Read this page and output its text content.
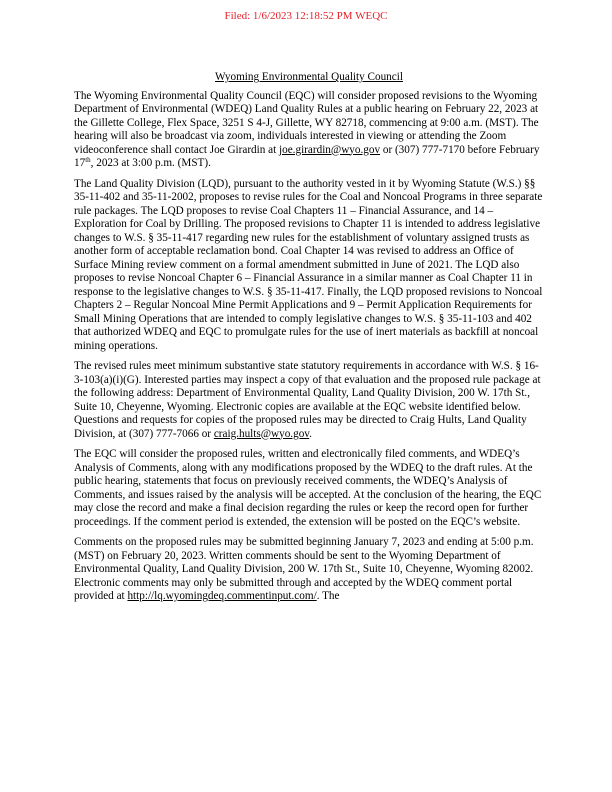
Filed: 1/6/2023 12:18:52 PM WEQC
Wyoming Environmental Quality Council

The Wyoming Environmental Quality Council (EQC) will consider proposed revisions to the Wyoming Department of Environmental (WDEQ) Land Quality Rules at a public hearing on February 22, 2023 at the Gillette College, Flex Space, 3251 S 4-J, Gillette, WY 82718, commencing at 9:00 a.m. (MST). The hearing will also be broadcast via zoom, individuals interested in viewing or attending the Zoom videoconference shall contact Joe Girardin at joe.girardin@wyo.gov or (307) 777-7170 before February 17th, 2023 at 3:00 p.m. (MST).

The Land Quality Division (LQD), pursuant to the authority vested in it by Wyoming Statute (W.S.) §§ 35-11-402 and 35-11-2002, proposes to revise rules for the Coal and Noncoal Programs in three separate rule packages. The LQD proposes to revise Coal Chapters 11 – Financial Assurance, and 14 – Exploration for Coal by Drilling. The proposed revisions to Chapter 11 is intended to address legislative changes to W.S. § 35-11-417 regarding new rules for the establishment of voluntary assigned trusts as another form of acceptable reclamation bond. Coal Chapter 14 was revised to address an Office of Surface Mining review comment on a formal amendment submitted in June of 2021. The LQD also proposes to revise Noncoal Chapter 6 – Financial Assurance in a similar manner as Coal Chapter 11 in response to the legislative changes to W.S. § 35-11-417. Finally, the LQD proposed revisions to Noncoal Chapters 2 – Regular Noncoal Mine Permit Applications and 9 – Permit Application Requirements for Small Mining Operations that are intended to comply legislative changes to W.S. § 35-11-103 and 402 that authorized WDEQ and EQC to promulgate rules for the use of inert materials as backfill at noncoal mining operations.

The revised rules meet minimum substantive state statutory requirements in accordance with W.S. § 16-3-103(a)(i)(G). Interested parties may inspect a copy of that evaluation and the proposed rule package at the following address: Department of Environmental Quality, Land Quality Division, 200 W. 17th St., Suite 10, Cheyenne, Wyoming. Electronic copies are available at the EQC website identified below. Questions and requests for copies of the proposed rules may be directed to Craig Hults, Land Quality Division, at (307) 777-7066 or craig.hults@wyo.gov.

The EQC will consider the proposed rules, written and electronically filed comments, and WDEQ’s Analysis of Comments, along with any modifications proposed by the WDEQ to the draft rules. At the public hearing, statements that focus on previously received comments, the WDEQ’s Analysis of Comments, and issues raised by the analysis will be accepted. At the conclusion of the hearing, the EQC may close the record and make a final decision regarding the rules or keep the record open for further proceedings. If the comment period is extended, the extension will be posted on the EQC’s website.

Comments on the proposed rules may be submitted beginning January 7, 2023 and ending at 5:00 p.m. (MST) on February 20, 2023. Written comments should be sent to the Wyoming Department of Environmental Quality, Land Quality Division, 200 W. 17th St., Suite 10, Cheyenne, Wyoming 82002. Electronic comments may only be submitted through and accepted by the WDEQ comment portal provided at http://lq.wyomingdeq.commentinput.com/. The
